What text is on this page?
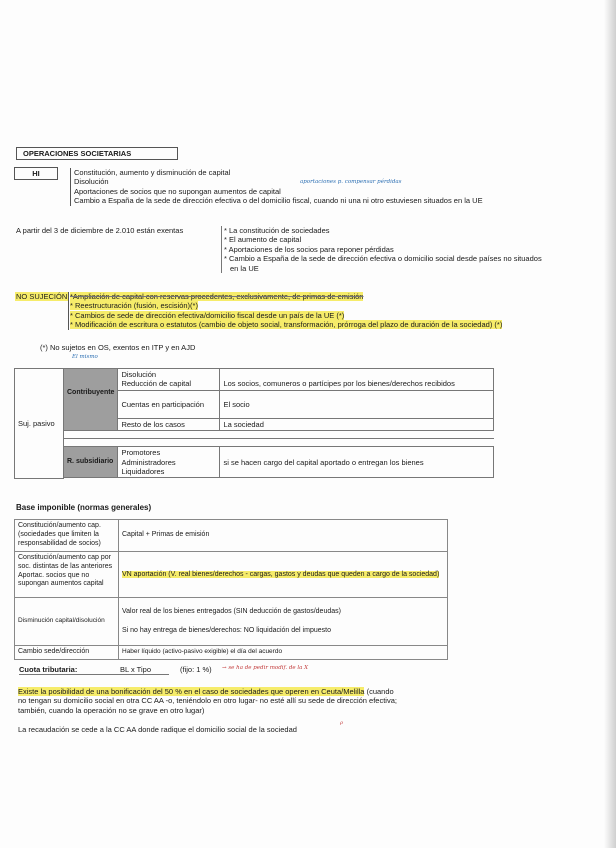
OPERACIONES SOCIETARIAS
HI	Constitución, aumento y disminución de capital
Disolución
Aportaciones de socios que no supongan aumentos de capital
Cambio a España de la sede de dirección efectiva o del domicilio fiscal, cuando ni una ni otro estuviesen situados en la UE
aportaciones p. compensar pérdidas
A partir del 3 de diciembre de 2.010 están exentas	* La constitución de sociedades
* El aumento de capital
* Aportaciones de los socios para reponer pérdidas
* Cambio a España de la sede de dirección efectiva o domicilio social desde países no situados
en la UE
NO SUJECIÓN *Ampliación de capital con reservas procedentes, exclusivamente, de primas de emisión
* Reestructuración (fusión, escisión)(*)
* Cambios de sede de dirección efectiva/domicilio fiscal desde un país de la UE (*)
* Modificación de escritura o estatutos (cambio de objeto social, transformación, prórroga del plazo de duración de la sociedad) (*)
(*) No sujetos en OS, exentos en ITP y en AJD
El mismo
Suj. pasivo	Contribuyente	Disolución
Reducción de capital	Los socios, comuneros o partícipes por los bienes/derechos recibidos
		Cuentas en participación	El socio
		Resto de los casos	La sociedad

	R. subsidiario	Promotores
Administradores
Liquidadores	si se hacen cargo del capital aportado o entregan los bienes

Base imponible (normas generales)
Constitución/aumento cap. (sociedades que limiten la responsabilidad de socios)	Capital + Primas de emisión
Constitución/aumento cap por soc. distintas de las anteriores
Aportac. socios que no supongan aumentos capital	VN aportación (V. real bienes/derechos - cargas, gastos y deudas que queden a cargo de la sociedad)
Disminución capital/disolución	Valor real de los bienes entregados (SIN deducción de gastos/deudas)
Si no hay entrega de bienes/derechos: NO liquidación del impuesto

Cambio sede/dirección	Haber líquido (activo-pasivo exigible) el día del acuerdo
Cuota tributaria:	BL x Tipo	(fijo: 1 %) → se ha de pedir modif. de la X
Existe la posibilidad de una bonificación del 50 % en el caso de sociedades que operen en Ceuta/Melilla (cuando
no tengan su domicilio social en otra CC AA -o, teniéndolo en otro lugar- no esté allí su sede de dirección efectiva;
también, cuando la operación no se grave en otro lugar)
La recaudación se cede a la CC AA donde radique el domicilio social de la sociedad
ρ
